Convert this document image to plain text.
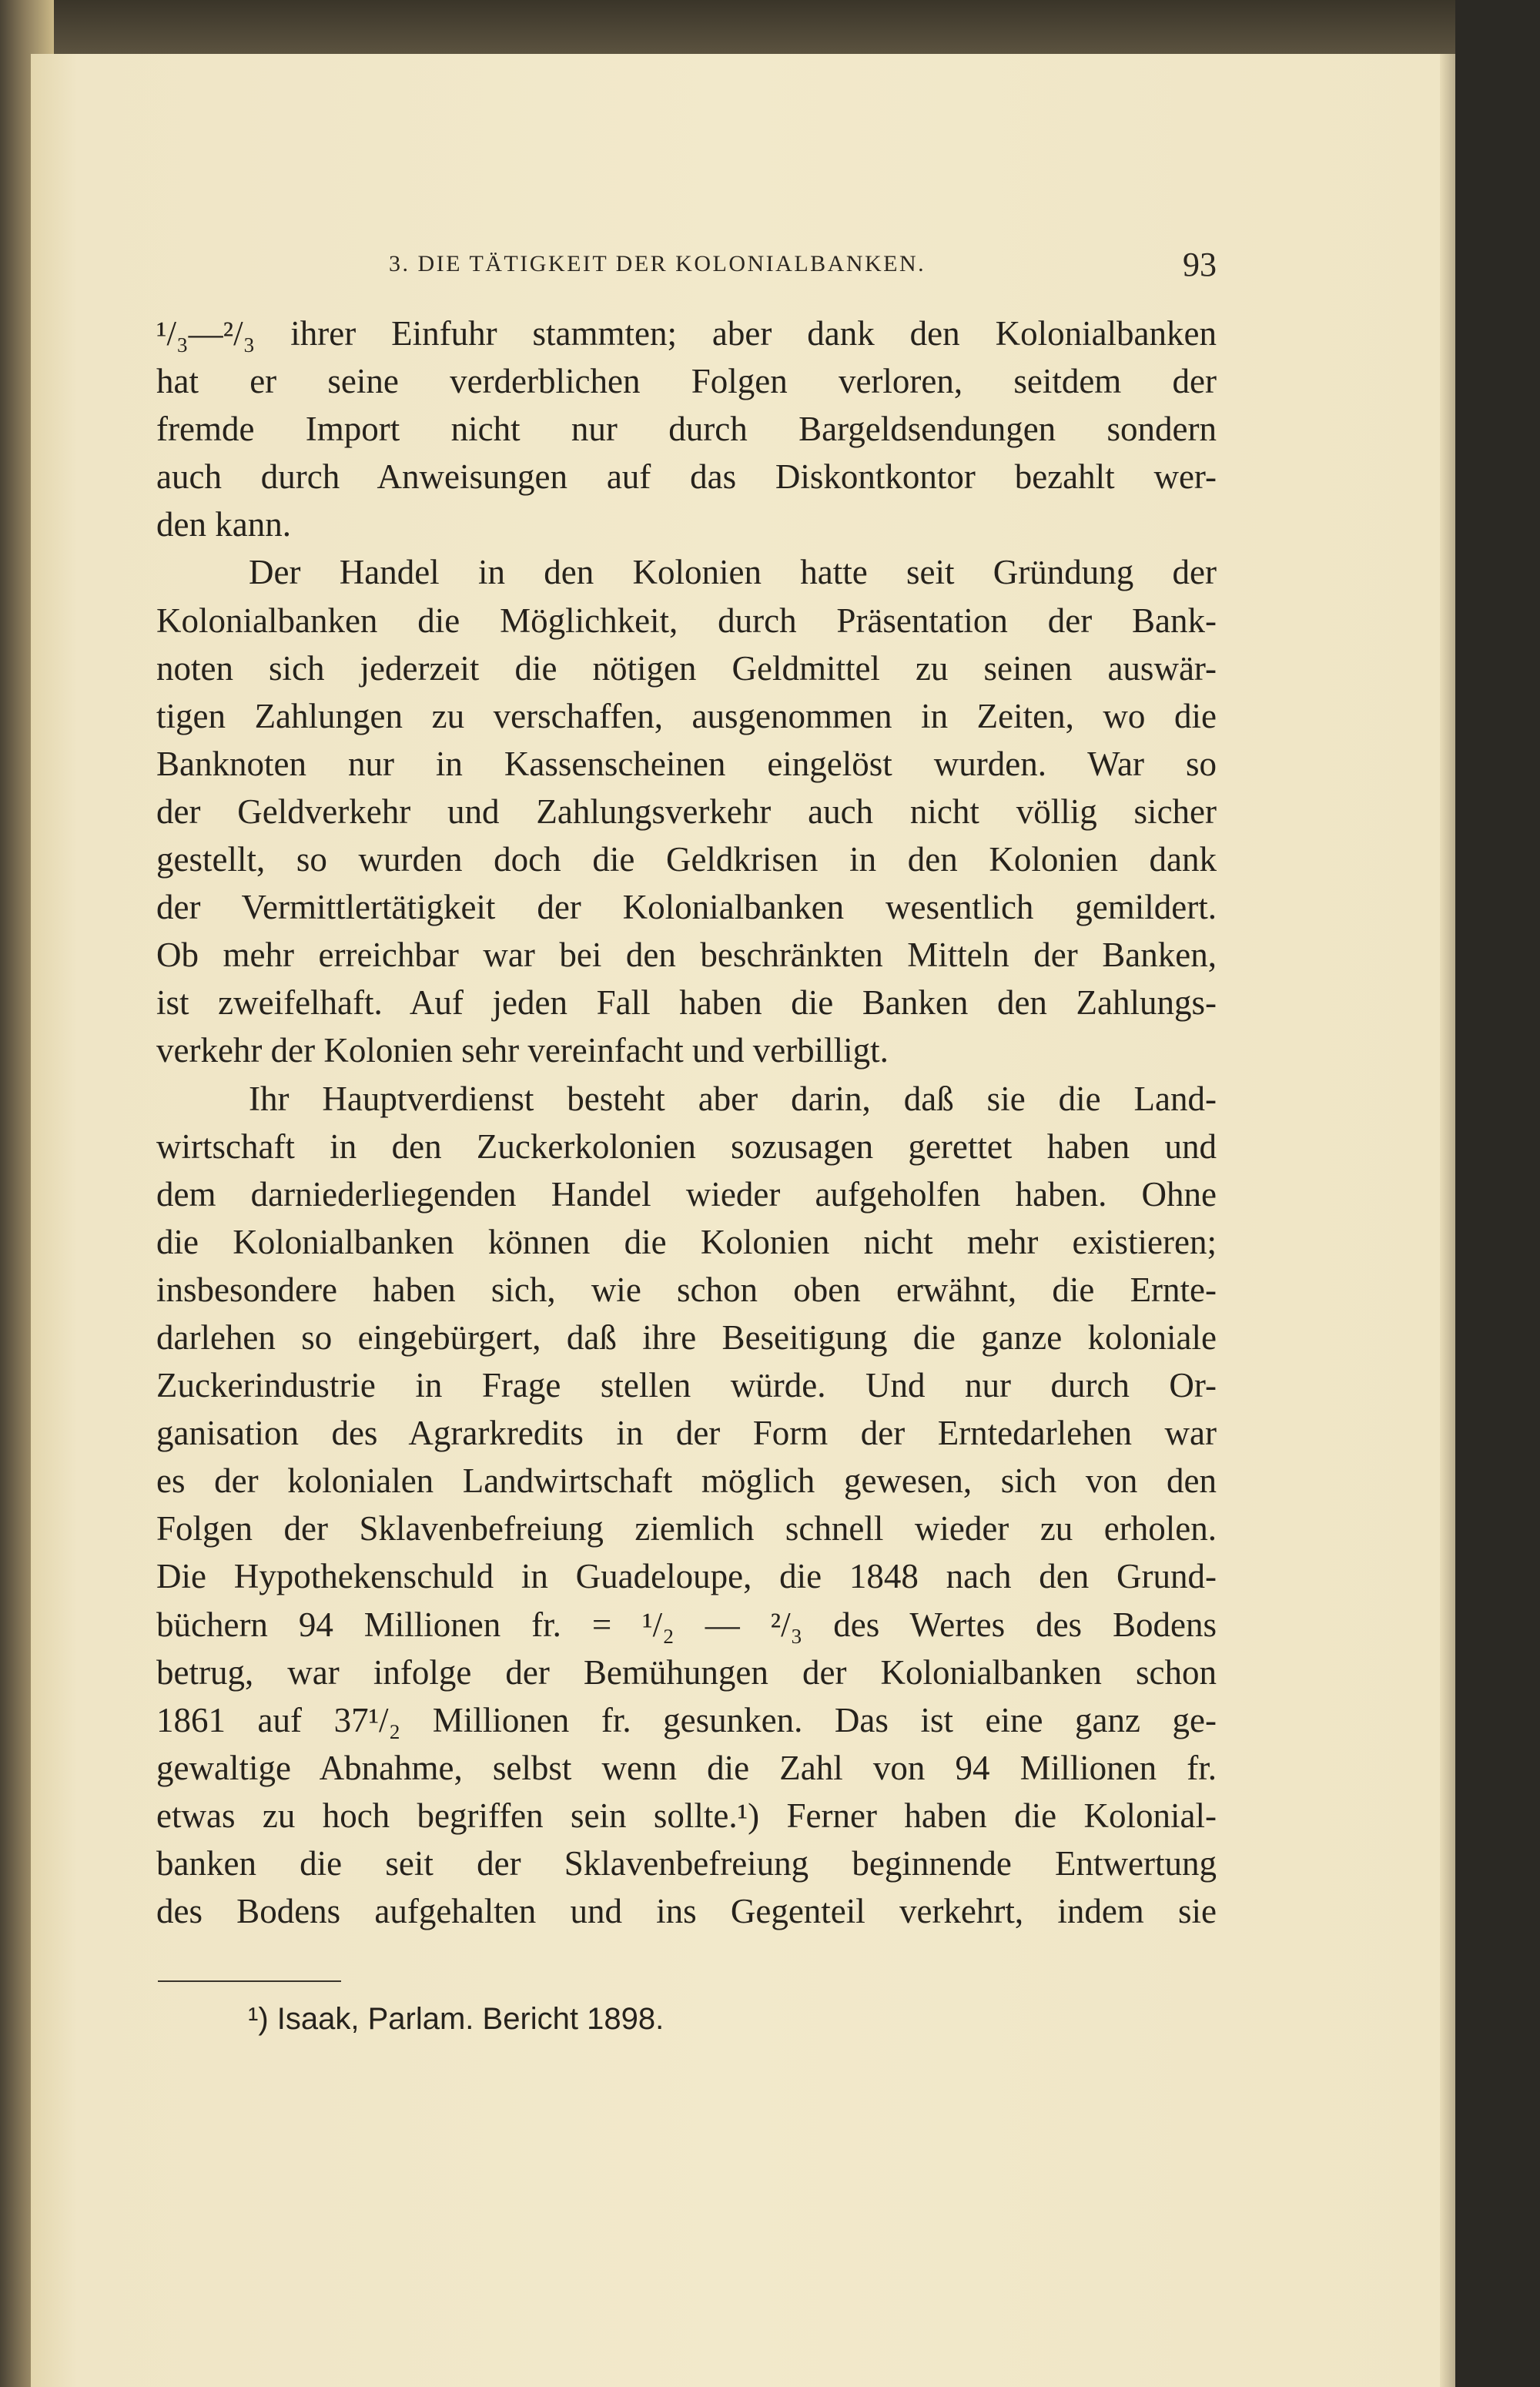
3. DIE TÄTIGKEIT DER KOLONIALBANKEN.	93
¹/₃—²/₃ ihrer Einfuhr stammten; aber dank den Kolonialbanken
hat er seine verderblichen Folgen verloren, seitdem der
fremde Import nicht nur durch Bargeldsendungen sondern
auch durch Anweisungen auf das Diskontkontor bezahlt wer-
den kann.
Der Handel in den Kolonien hatte seit Gründung der
Kolonialbanken die Möglichkeit, durch Präsentation der Bank-
noten sich jederzeit die nötigen Geldmittel zu seinen auswär-
tigen Zahlungen zu verschaffen, ausgenommen in Zeiten, wo die
Banknoten nur in Kassenscheinen eingelöst wurden. War so
der Geldverkehr und Zahlungsverkehr auch nicht völlig sicher
gestellt, so wurden doch die Geldkrisen in den Kolonien dank
der Vermittlertätigkeit der Kolonialbanken wesentlich gemildert.
Ob mehr erreichbar war bei den beschränkten Mitteln der Banken,
ist zweifelhaft. Auf jeden Fall haben die Banken den Zahlungs-
verkehr der Kolonien sehr vereinfacht und verbilligt.
Ihr Hauptverdienst besteht aber darin, daß sie die Land-
wirtschaft in den Zuckerkolonien sozusagen gerettet haben und
dem darniederliegenden Handel wieder aufgeholfen haben. Ohne
die Kolonialbanken können die Kolonien nicht mehr existieren;
insbesondere haben sich, wie schon oben erwähnt, die Ernte-
darlehen so eingebürgert, daß ihre Beseitigung die ganze koloniale
Zuckerindustrie in Frage stellen würde. Und nur durch Or-
ganisation des Agrarkredits in der Form der Erntedarlehen war
es der kolonialen Landwirtschaft möglich gewesen, sich von den
Folgen der Sklavenbefreiung ziemlich schnell wieder zu erholen.
Die Hypothekenschuld in Guadeloupe, die 1848 nach den Grund-
büchern 94 Millionen fr. = ¹/₂ — ²/₃ des Wertes des Bodens
betrug, war infolge der Bemühungen der Kolonialbanken schon
1861 auf 37¹/₂ Millionen fr. gesunken. Das ist eine ganz ge-
gewaltige Abnahme, selbst wenn die Zahl von 94 Millionen fr.
etwas zu hoch begriffen sein sollte.¹) Ferner haben die Kolonial-
banken die seit der Sklavenbefreiung beginnende Entwertung
des Bodens aufgehalten und ins Gegenteil verkehrt, indem sie
¹) Isaak, Parlam. Bericht 1898.
